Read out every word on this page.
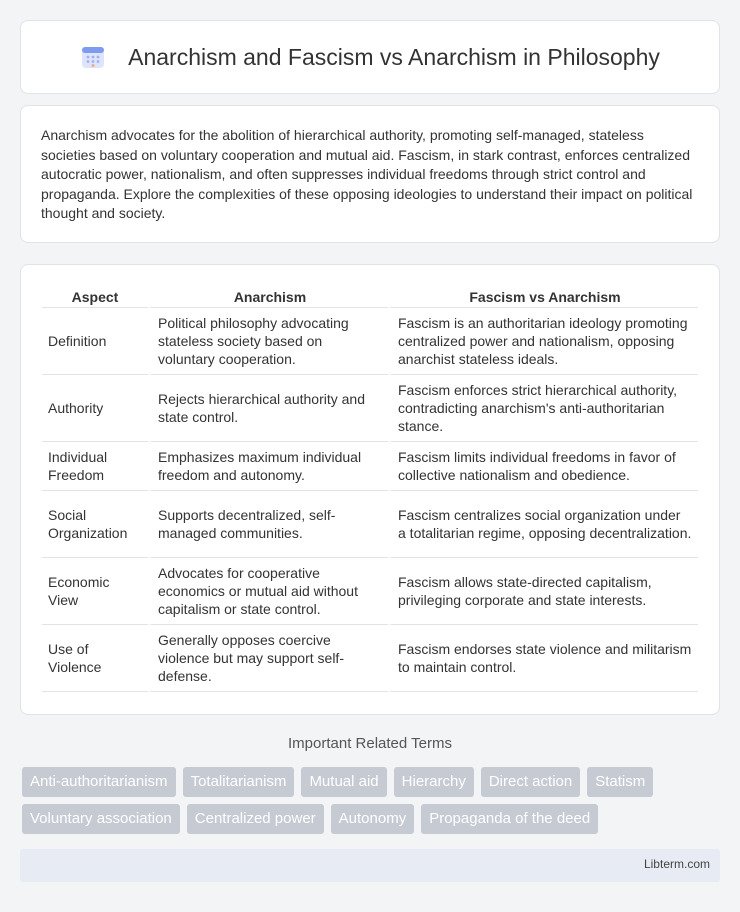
Anarchism and Fascism vs Anarchism in Philosophy

Anarchism advocates for the abolition of hierarchical authority, promoting self-managed, stateless societies based on voluntary cooperation and mutual aid. Fascism, in stark contrast, enforces centralized autocratic power, nationalism, and often suppresses individual freedoms through strict control and propaganda. Explore the complexities of these opposing ideologies to understand their impact on political thought and society.

Aspect	Anarchism	Fascism vs Anarchism
Definition	Political philosophy advocating stateless society based on voluntary cooperation.	Fascism is an authoritarian ideology promoting centralized power and nationalism, opposing anarchist stateless ideals.
Authority	Rejects hierarchical authority and state control.	Fascism enforces strict hierarchical authority, contradicting anarchism's anti-authoritarian stance.
Individual Freedom	Emphasizes maximum individual freedom and autonomy.	Fascism limits individual freedoms in favor of collective nationalism and obedience.
Social Organization	Supports decentralized, self-managed communities.	Fascism centralizes social organization under a totalitarian regime, opposing decentralization.
Economic View	Advocates for cooperative economics or mutual aid without capitalism or state control.	Fascism allows state-directed capitalism, privileging corporate and state interests.
Use of Violence	Generally opposes coercive violence but may support self-defense.	Fascism endorses state violence and militarism to maintain control.
Important Related Terms
Anti-authoritarianism	Totalitarianism	Mutual aid	Hierarchy	Direct action	Statism
Voluntary association	Centralized power	Autonomy	Propaganda of the deed
Libterm.com
